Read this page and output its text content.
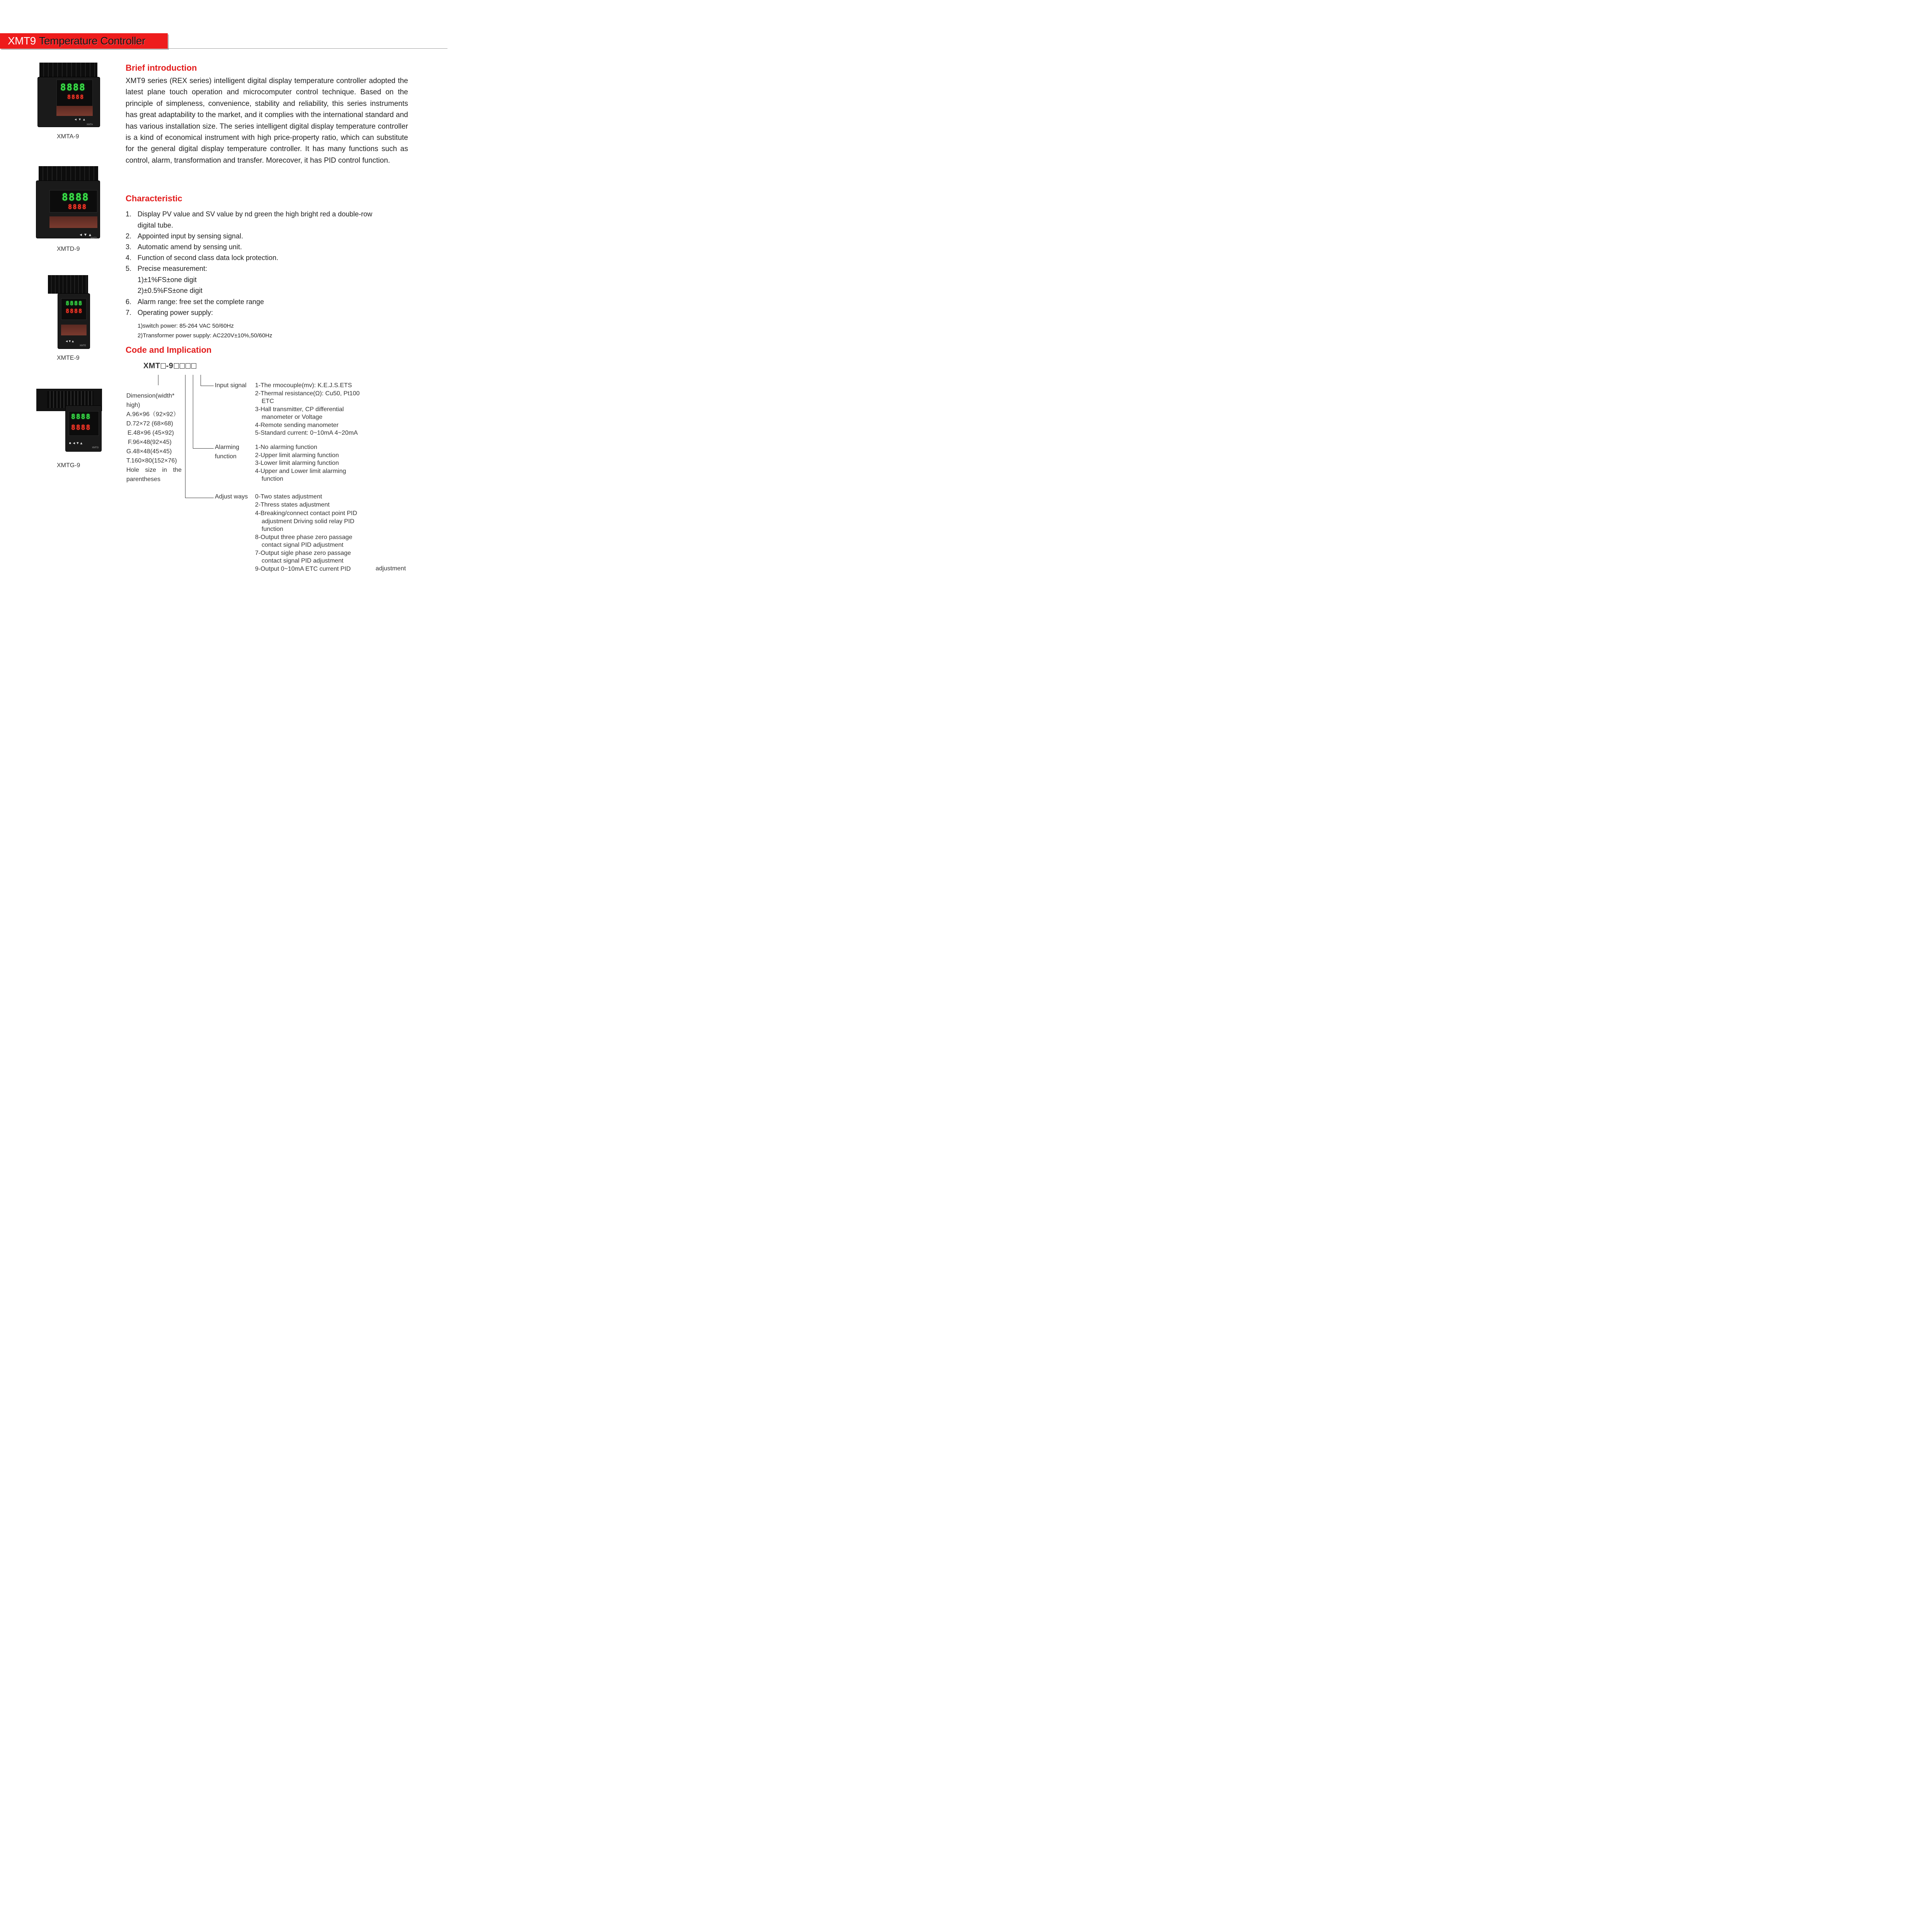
XMT9 Temperature Controller
8888
8888
◂▾▴
XMTA
XMTA-9
8888
8888
◂▾▴
XMTD
XMTD-9
8888
8888
◂▾▴
XMTE
XMTE-9
8888
8888
●◂▾▴
XMTG
XMTG-9
Brief introduction
XMT9 series (REX series) intelligent digital display temperature controller adopted the latest plane touch operation and microcomputer control technique. Based on the principle of simpleness, convenience, stability and reliability, this series instruments has great adaptability to the market, and it complies with the international standard and has various installation size. The series intelligent digital display temperature controller is a kind of economical instrument with high price-property ratio, which can substitute for the general digital display temperature controller. It has many functions such as control, alarm, transformation and transfer. Morecover, it has PID control function.
Characteristic
1. Display PV value and SV value by nd green the high bright red a double-row
digital tube.
2. Appointed input by sensing signal.
3. Automatic amend by sensing unit.
4. Function of second class data lock protection.
5. Precise measurement:
1)±1%FS±one digit
2)±0.5%FS±one digit
6. Alarm range: free set the complete range
7. Operating power supply:
1)switch power: 85-264 VAC 50/60Hz
2)Transformer power supply: AC220V±10%,50/60Hz
Code and Implication
XMT -9
Dimension(width*
high)
A.96×96（92×92）
D.72×72 (68×68)
E.48×96 (45×92)
F.96×48(92×45)
G.48×48(45×45)
T.160×80(152×76)
Hole size in the
parentheses
Input signal
Alarming
function
Adjust ways
1-The rmocouple(mv): K.E.J.S.ETS
2-Thermal resistance(Ω): Cu50, Pt100
ETC
3-Hall transmitter, CP differential
manometer or Voltage
4-Remote sending manometer
5-Standard current: 0~10mA 4~20mA
1-No alarming function
2-Upper limit alarming function
3-Lower limit alarming function
4-Upper and Lower limit alarming
function
0-Two states adjustment
2-Thress states adjustment
4-Breaking/connect contact point PID
adjustment Driving solid relay PID
function
8-Output three phase zero passage
contact signal PID adjustment
7-Output sigle phase zero passage
contact signal PID adjustment
9-Output 0~10mA ETC current PID	adjustment
